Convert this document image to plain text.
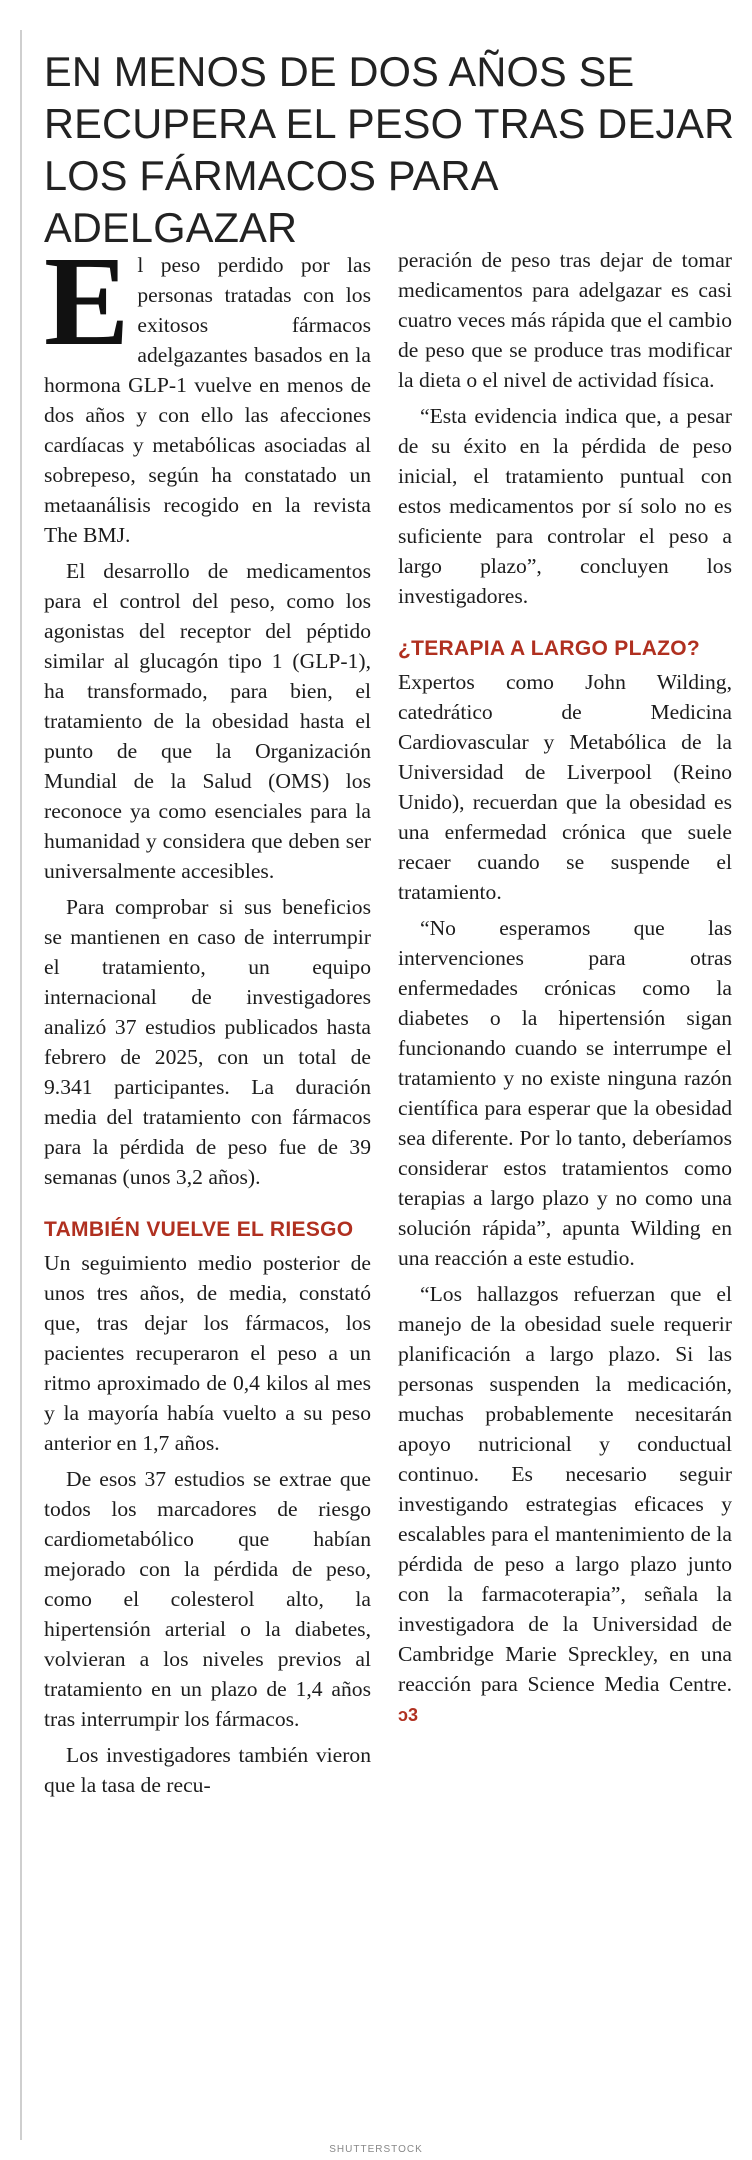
EN MENOS DE DOS AÑOS SE RECUPERA EL PESO TRAS DEJAR LOS FÁRMACOS PARA ADELGAZAR

El peso perdido por las personas tratadas con los exitosos fármacos adelgazantes basados en la hormona GLP-1 vuelve en menos de dos años y con ello las afecciones cardíacas y metabólicas asociadas al sobrepeso, según ha constatado un metaanálisis recogido en la revista The BMJ.

El desarrollo de medicamentos para el control del peso, como los agonistas del receptor del péptido similar al glucagón tipo 1 (GLP-1), ha transformado, para bien, el tratamiento de la obesidad hasta el punto de que la Organización Mundial de la Salud (OMS) los reconoce ya como esenciales para la humanidad y considera que deben ser universalmente accesibles.

Para comprobar si sus beneficios se mantienen en caso de interrumpir el tratamiento, un equipo internacional de investigadores analizó 37 estudios publicados hasta febrero de 2025, con un total de 9.341 participantes. La duración media del tratamiento con fármacos para la pérdida de peso fue de 39 semanas (unos 3,2 años).

TAMBIÉN VUELVE EL RIESGO

Un seguimiento medio posterior de unos tres años, de media, constató que, tras dejar los fármacos, los pacientes recuperaron el peso a un ritmo aproximado de 0,4 kilos al mes y la mayoría había vuelto a su peso anterior en 1,7 años.

De esos 37 estudios se extrae que todos los marcadores de riesgo cardiometabólico que habían mejorado con la pérdida de peso, como el colesterol alto, la hipertensión arterial o la diabetes, volvieran a los niveles previos al tratamiento en un plazo de 1,4 años tras interrumpir los fármacos.

Los investigadores también vieron que la tasa de recu-

peración de peso tras dejar de tomar medicamentos para adelgazar es casi cuatro veces más rápida que el cambio de peso que se produce tras modificar la dieta o el nivel de actividad física.

“Esta evidencia indica que, a pesar de su éxito en la pérdida de peso inicial, el tratamiento puntual con estos medicamentos por sí solo no es suficiente para controlar el peso a largo plazo”, concluyen los investigadores.

¿TERAPIA A LARGO PLAZO?

Expertos como John Wilding, catedrático de Medicina Cardiovascular y Metabólica de la Universidad de Liverpool (Reino Unido), recuerdan que la obesidad es una enfermedad crónica que suele recaer cuando se suspende el tratamiento.

“No esperamos que las intervenciones para otras enfermedades crónicas como la diabetes o la hipertensión sigan funcionando cuando se interrumpe el tratamiento y no existe ninguna razón científica para esperar que la obesidad sea diferente. Por lo tanto, deberíamos considerar estos tratamientos como terapias a largo plazo y no como una solución rápida”, apunta Wilding en una reacción a este estudio.

“Los hallazgos refuerzan que el manejo de la obesidad suele requerir planificación a largo plazo. Si las personas suspenden la medicación, muchas probablemente necesitarán apoyo nutricional y conductual continuo. Es necesario seguir investigando estrategias eficaces y escalables para el mantenimiento de la pérdida de peso a largo plazo junto con la farmacoterapia”, señala la investigadora de la Universidad de Cambridge Marie Spreckley, en una reacción para Science Media Centre. ↄ3

SHUTTERSTOCK
